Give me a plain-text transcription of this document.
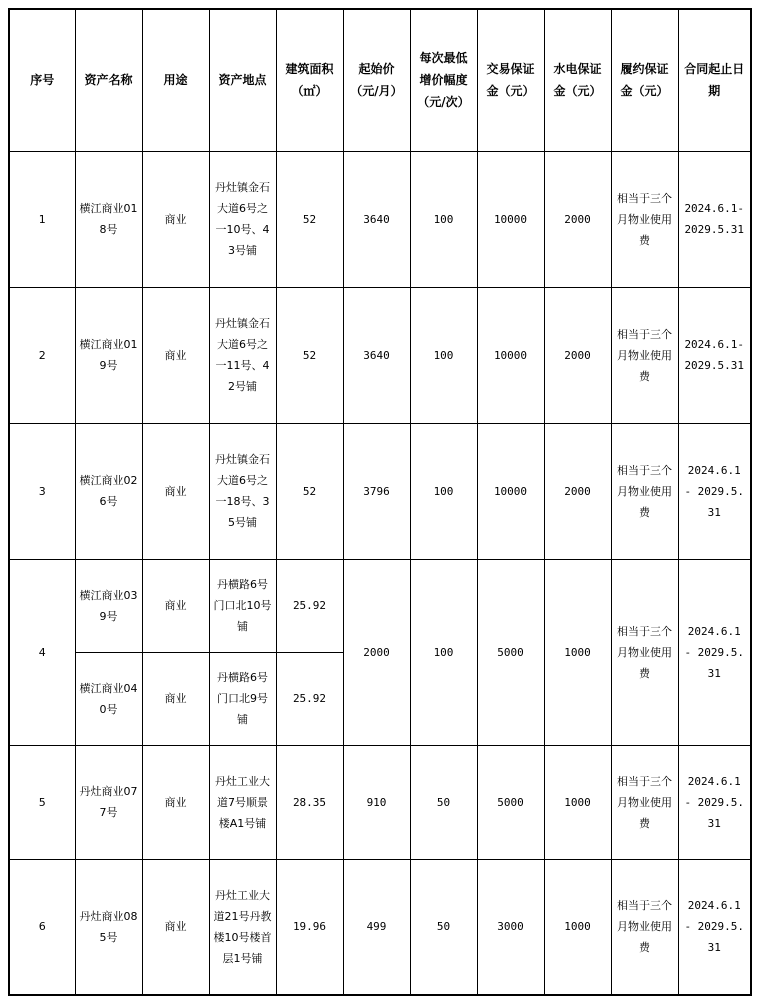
序号	资产名称	用途	资产地点	建筑面积（㎡）	起始价（元/月）	每次最低增价幅度（元/次）	交易保证金（元）	水电保证金（元）	履约保证金（元）	合同起止日期
1	横江商业018号	商业	丹灶镇金石大道6号之一10号、43号铺	52	3640	100	10000	2000	相当于三个月物业使用费	2024.6.1-2029.5.31
2	横江商业019号	商业	丹灶镇金石大道6号之一11号、42号铺	52	3640	100	10000	2000	相当于三个月物业使用费	2024.6.1-2029.5.31
3	横江商业026号	商业	丹灶镇金石大道6号之一18号、35号铺	52	3796	100	10000	2000	相当于三个月物业使用费	2024.6.1 - 2029.5.31
4	横江商业039号	商业	丹横路6号门口北10号铺	25.92	2000	100	5000	1000	相当于三个月物业使用费	2024.6.1 - 2029.5.31
	横江商业040号	商业	丹横路6号门口北9号铺	25.92						
5	丹灶商业077号	商业	丹灶工业大道7号顺景楼A1号铺	28.35	910	50	5000	1000	相当于三个月物业使用费	2024.6.1 - 2029.5.31
6	丹灶商业085号	商业	丹灶工业大道21号丹教楼10号楼首层1号铺	19.96	499	50	3000	1000	相当于三个月物业使用费	2024.6.1 - 2029.5.31
